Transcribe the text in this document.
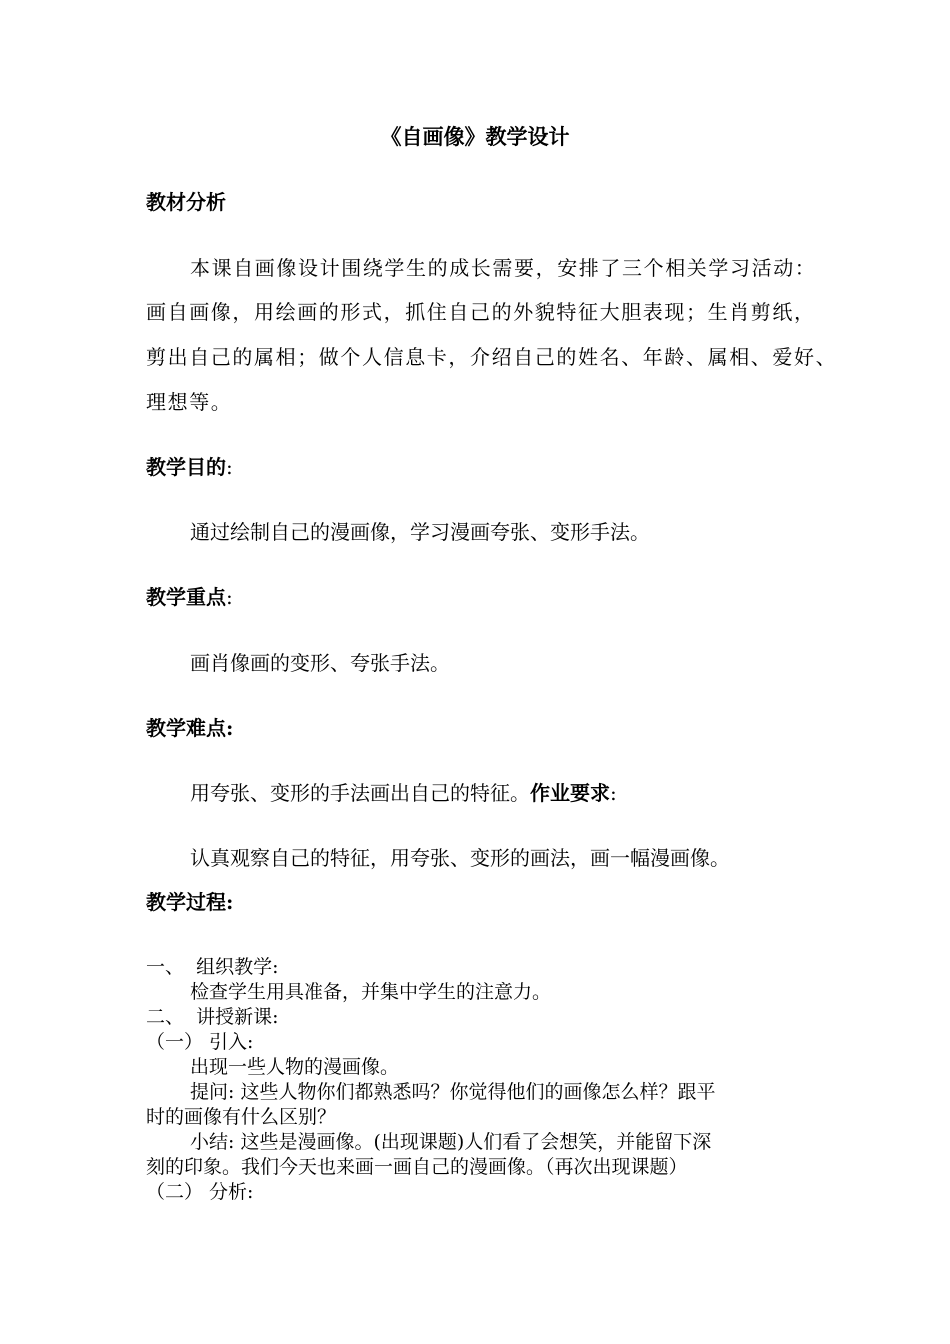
《自画像》教学设计
教材分析
本课自画像设计围绕学生的成长需要，安排了三个相关学习活动：
画自画像，用绘画的形式，抓住自己的外貌特征大胆表现；生肖剪纸，
剪出自己的属相；做个人信息卡，介绍自己的姓名、年龄、属相、爱好、
理想等。
教学目的:
通过绘制自己的漫画像，学习漫画夸张、变形手法。
教学重点:
画肖像画的变形、夸张手法。
教学难点:
用夸张、变形的手法画出自己的特征。作业要求:
认真观察自己的特征，用夸张、变形的画法，画一幅漫画像。
教学过程:
一、  组织教学:
检查学生用具准备，并集中学生的注意力。
二、  讲授新课:
（一） 引入:
出现一些人物的漫画像。
提问: 这些人物你们都熟悉吗？你觉得他们的画像怎么样？跟平
时的画像有什么区别？
小结: 这些是漫画像。(出现课题)人们看了会想笑，并能留下深
刻的印象。我们今天也来画一画自己的漫画像。（再次出现课题）
（二） 分析:
